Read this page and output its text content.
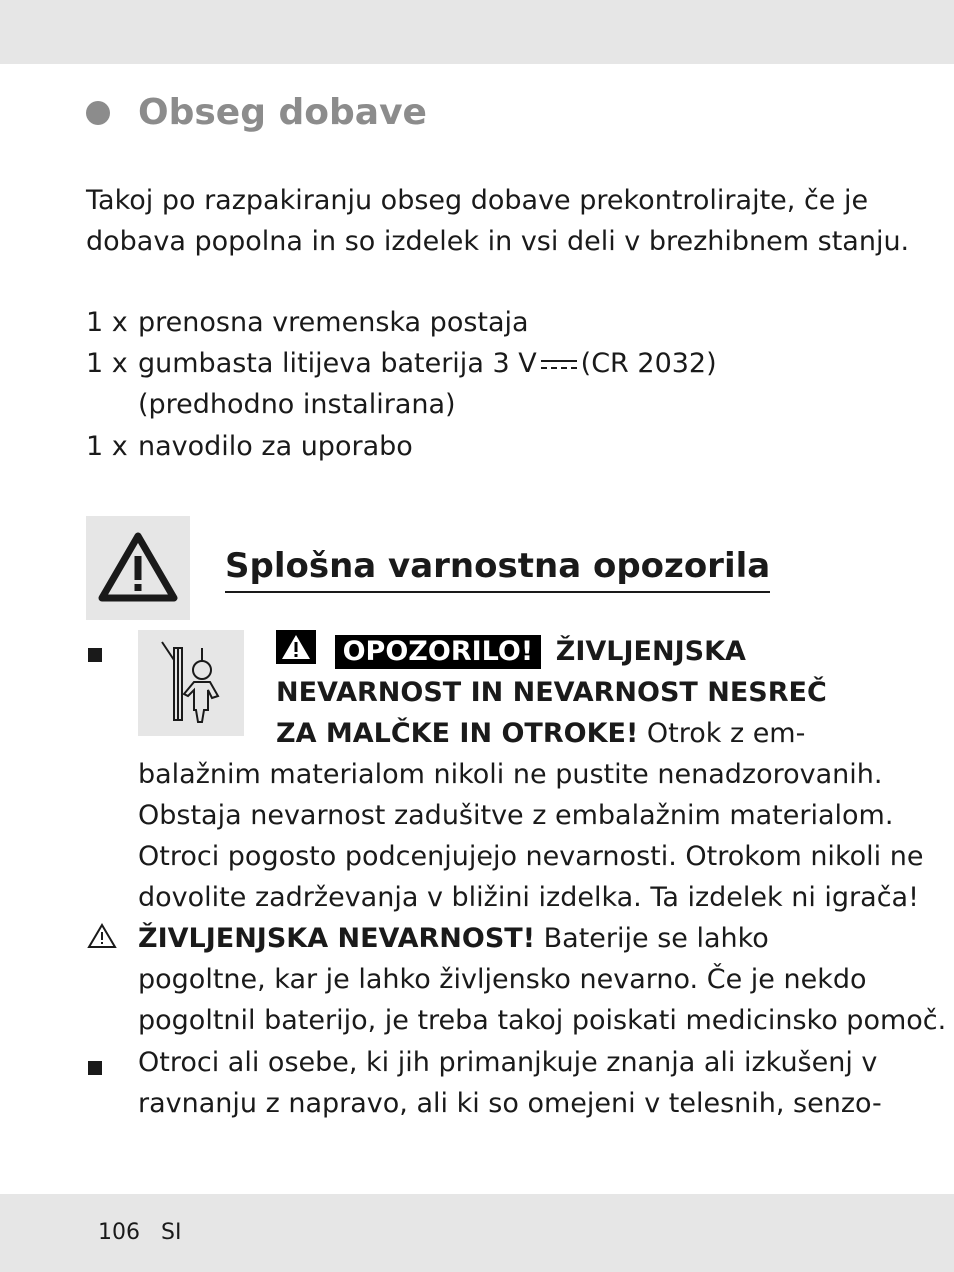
Obseg dobave
Takoj po razpakiranju obseg dobave prekontrolirajte, če je
dobava popolna in so izdelek in vsi deli v brezhibnem stanju.
1 x prenosna vremenska postaja
1 x gumbasta litijeva baterija 3 V (CR 2032)
(predhodno instalirana)
1 x navodilo za uporabo
Splošna varnostna opozorila
OPOZORILO! ŽIVLJENJSKA
NEVARNOST IN NEVARNOST NESREČ
ZA MALČKE IN OTROKE! Otrok z em-
balažnim materialom nikoli ne pustite nenadzorovanih.
Obstaja nevarnost zadušitve z embalažnim materialom.
Otroci pogosto podcenjujejo nevarnosti. Otrokom nikoli ne
dovolite zadrževanja v bližini izdelka. Ta izdelek ni igrača!
ŽIVLJENJSKA NEVARNOST! Baterije se lahko
pogoltne, kar je lahko življensko nevarno. Če je nekdo
pogoltnil baterijo, je treba takoj poiskati medicinsko pomoč.
Otroci ali osebe, ki jih primanjkuje znanja ali izkušenj v
ravnanju z napravo, ali ki so omejeni v telesnih, senzo-
106 SI
